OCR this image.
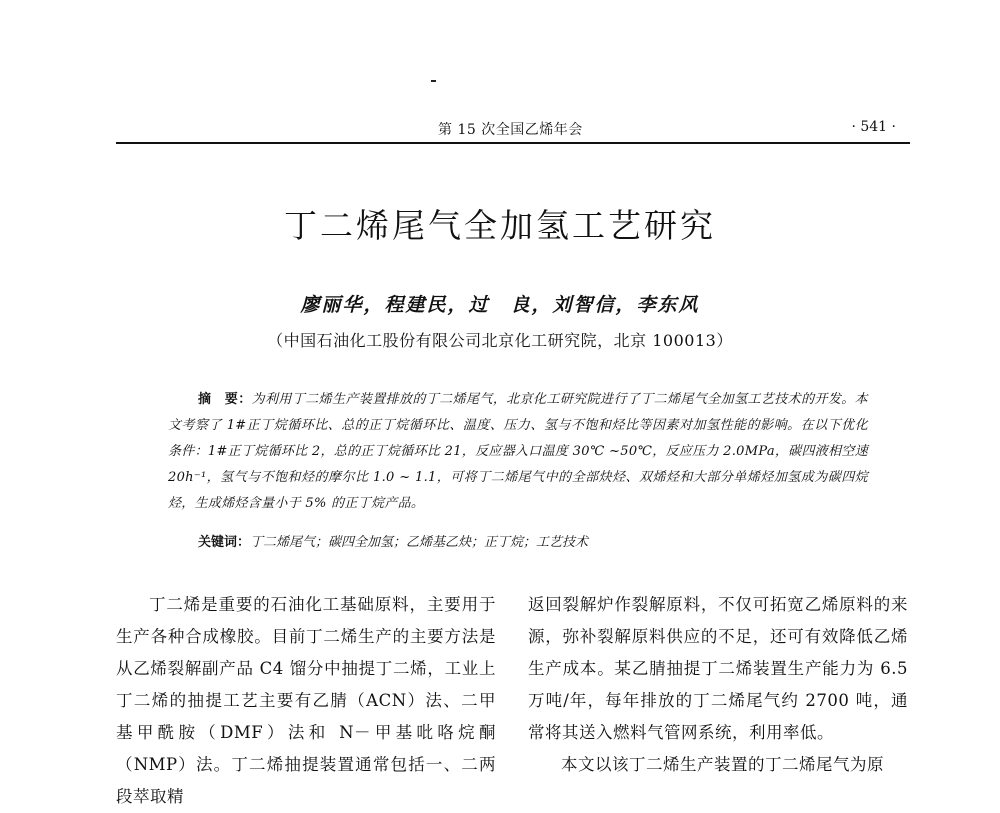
第 15 次全国乙烯年会	· 541 ·
丁二烯尾气全加氢工艺研究
廖丽华，程建民，过　良，刘智信，李东风
（中国石油化工股份有限公司北京化工研究院，北京 100013）
摘　要：为利用丁二烯生产装置排放的丁二烯尾气，北京化工研究院进行了丁二烯尾气全加氢工艺技术的开发。本文考察了 1#正丁烷循环比、总的正丁烷循环比、温度、压力、氢与不饱和烃比等因素对加氢性能的影响。在以下优化条件：1#正丁烷循环比 2，总的正丁烷循环比 21，反应器入口温度 30℃ ~50℃，反应压力 2.0MPa，碳四液相空速 20h⁻¹，氢气与不饱和烃的摩尔比 1.0 ~ 1.1，可将丁二烯尾气中的全部炔烃、双烯烃和大部分单烯烃加氢成为碳四烷烃，生成烯烃含量小于 5% 的正丁烷产品。
关键词：丁二烯尾气；碳四全加氢；乙烯基乙炔；正丁烷；工艺技术

丁二烯是重要的石油化工基础原料，主要用于生产各种合成橡胶。目前丁二烯生产的主要方法是从乙烯裂解副产品 C4 馏分中抽提丁二烯，工业上丁二烯的抽提工艺主要有乙腈（ACN）法、二甲基甲酰胺（DMF）法和 N－甲基吡咯烷酮（NMP）法。丁二烯抽提装置通常包括一、二两段萃取精

返回裂解炉作裂解原料，不仅可拓宽乙烯原料的来源，弥补裂解原料供应的不足，还可有效降低乙烯生产成本。某乙腈抽提丁二烯装置生产能力为 6.5 万吨/年，每年排放的丁二烯尾气约 2700 吨，通常将其送入燃料气管网系统，利用率低。

本文以该丁二烯生产装置的丁二烯尾气为原
